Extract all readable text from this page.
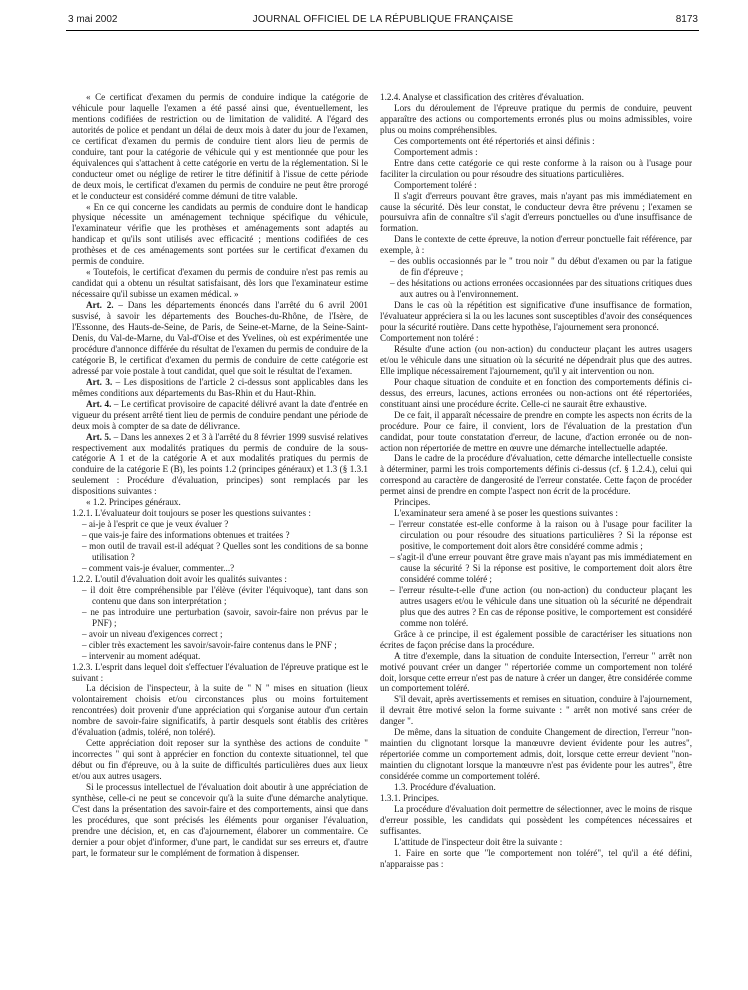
3 mai 2002	JOURNAL OFFICIEL DE LA RÉPUBLIQUE FRANÇAISE	8173

« Ce certificat d'examen du permis de conduire indique la catégorie de véhicule pour laquelle l'examen a été passé ainsi que, éventuellement, les mentions codifiées de restriction ou de limitation de validité. A l'égard des autorités de police et pendant un délai de deux mois à dater du jour de l'examen, ce certificat d'examen du permis de conduire tient alors lieu de permis de conduire, tant pour la catégorie de véhicule qui y est mentionnée que pour les équivalences qui s'attachent à cette catégorie en vertu de la réglementation. Si le conducteur omet ou néglige de retirer le titre définitif à l'issue de cette période de deux mois, le certificat d'examen du permis de conduire ne peut être prorogé et le conducteur est considéré comme démuni de titre valable.

« En ce qui concerne les candidats au permis de conduire dont le handicap physique nécessite un aménagement technique spécifique du véhicule, l'examinateur vérifie que les prothèses et aménagements sont adaptés au handicap et qu'ils sont utilisés avec efficacité ; mentions codifiées de ces prothèses et de ces aménagements sont portées sur le certificat d'examen du permis de conduire.

« Toutefois, le certificat d'examen du permis de conduire n'est pas remis au candidat qui a obtenu un résultat satisfaisant, dès lors que l'examinateur estime nécessaire qu'il subisse un examen médical. »

Art. 2. – Dans les départements énoncés dans l'arrêté du 6 avril 2001 susvisé, à savoir les départements des Bouches-du-Rhône, de l'Isère, de l'Essonne, des Hauts-de-Seine, de Paris, de Seine-et-Marne, de la Seine-Saint-Denis, du Val-de-Marne, du Val-d'Oise et des Yvelines, où est expérimentée une procédure d'annonce différée du résultat de l'examen du permis de conduire de la catégorie B, le certificat d'examen du permis de conduire de cette catégorie est adressé par voie postale à tout candidat, quel que soit le résultat de l'examen.

Art. 3. – Les dispositions de l'article 2 ci-dessus sont applicables dans les mêmes conditions aux départements du Bas-Rhin et du Haut-Rhin.

Art. 4. – Le certificat provisoire de capacité délivré avant la date d'entrée en vigueur du présent arrêté tient lieu de permis de conduire pendant une période de deux mois à compter de sa date de délivrance.

Art. 5. – Dans les annexes 2 et 3 à l'arrêté du 8 février 1999 susvisé relatives respectivement aux modalités pratiques du permis de conduire de la sous-catégorie A 1 et de la catégorie A et aux modalités pratiques du permis de conduire de la catégorie E (B), les points 1.2 (principes généraux) et 1.3 (§ 1.3.1 seulement : Procédure d'évaluation, principes) sont remplacés par les dispositions suivantes :

« 1.2. Principes généraux.

1.2.1. L'évaluateur doit toujours se poser les questions suivantes :

– ai-je à l'esprit ce que je veux évaluer ?

– que vais-je faire des informations obtenues et traitées ?

– mon outil de travail est-il adéquat ? Quelles sont les conditions de sa bonne utilisation ?

– comment vais-je évaluer, commenter...?

1.2.2. L'outil d'évaluation doit avoir les qualités suivantes :

– il doit être compréhensible par l'élève (éviter l'équivoque), tant dans son contenu que dans son interprétation ;

– ne pas introduire une perturbation (savoir, savoir-faire non prévus par le PNF) ;

– avoir un niveau d'exigences correct ;

– cibler très exactement les savoir/savoir-faire contenus dans le PNF ;

– intervenir au moment adéquat.

1.2.3. L'esprit dans lequel doit s'effectuer l'évaluation de l'épreuve pratique est le suivant :

La décision de l'inspecteur, à la suite de " N " mises en situation (lieux volontairement choisis et/ou circonstances plus ou moins fortuitement rencontrées) doit provenir d'une appréciation qui s'organise autour d'un certain nombre de savoir-faire significatifs, à partir desquels sont établis des critères d'évaluation (admis, toléré, non toléré).

Cette appréciation doit reposer sur la synthèse des actions de conduite " incorrectes " qui sont à apprécier en fonction du contexte situationnel, tel que début ou fin d'épreuve, ou à la suite de difficultés particulières dues aux lieux et/ou aux autres usagers.

Si le processus intellectuel de l'évaluation doit aboutir à une appréciation de synthèse, celle-ci ne peut se concevoir qu'à la suite d'une démarche analytique. C'est dans la présentation des savoir-faire et des comportements, ainsi que dans les procédures, que sont précisés les éléments pour organiser l'évaluation, prendre une décision, et, en cas d'ajournement, élaborer un commentaire. Ce dernier a pour objet d'informer, d'une part, le candidat sur ses erreurs et, d'autre part, le formateur sur le complément de formation à dispenser.

1.2.4. Analyse et classification des critères d'évaluation.

Lors du déroulement de l'épreuve pratique du permis de conduire, peuvent apparaître des actions ou comportements erronés plus ou moins admissibles, voire plus ou moins compréhensibles.

Ces comportements ont été répertoriés et ainsi définis :

Comportement admis :

Entre dans cette catégorie ce qui reste conforme à la raison ou à l'usage pour faciliter la circulation ou pour résoudre des situations particulières.

Comportement toléré :

Il s'agit d'erreurs pouvant être graves, mais n'ayant pas mis immédiatement en cause la sécurité. Dès leur constat, le conducteur devra être prévenu ; l'examen se poursuivra afin de connaître s'il s'agit d'erreurs ponctuelles ou d'une insuffisance de formation.

Dans le contexte de cette épreuve, la notion d'erreur ponctuelle fait référence, par exemple, à :

– des oublis occasionnés par le " trou noir " du début d'examen ou par la fatigue de fin d'épreuve ;

– des hésitations ou actions erronées occasionnées par des situations critiques dues aux autres ou à l'environnement.

Dans le cas où la répétition est significative d'une insuffisance de formation, l'évaluateur appréciera si la ou les lacunes sont susceptibles d'avoir des conséquences pour la sécurité routière. Dans cette hypothèse, l'ajournement sera prononcé.

Comportement non toléré :

Résulte d'une action (ou non-action) du conducteur plaçant les autres usagers et/ou le véhicule dans une situation où la sécurité ne dépendrait plus que des autres. Elle implique nécessairement l'ajournement, qu'il y ait intervention ou non.

Pour chaque situation de conduite et en fonction des comportements définis ci-dessus, des erreurs, lacunes, actions erronées ou non-actions ont été répertoriées, constituant ainsi une procédure écrite. Celle-ci ne saurait être exhaustive.

De ce fait, il apparaît nécessaire de prendre en compte les aspects non écrits de la procédure. Pour ce faire, il convient, lors de l'évaluation de la prestation d'un candidat, pour toute constatation d'erreur, de lacune, d'action erronée ou de non-action non répertoriée de mettre en œuvre une démarche intellectuelle adaptée.

Dans le cadre de la procédure d'évaluation, cette démarche intellectuelle consiste à déterminer, parmi les trois comportements définis ci-dessus (cf. § 1.2.4.), celui qui correspond au caractère de dangerosité de l'erreur constatée. Cette façon de procéder permet ainsi de prendre en compte l'aspect non écrit de la procédure.

Principes.

L'examinateur sera amené à se poser les questions suivantes :

– l'erreur constatée est-elle conforme à la raison ou à l'usage pour faciliter la circulation ou pour résoudre des situations particulières ? Si la réponse est positive, le comportement doit alors être considéré comme admis ;

– s'agit-il d'une erreur pouvant être grave mais n'ayant pas mis immédiatement en cause la sécurité ? Si la réponse est positive, le comportement doit alors être considéré comme toléré ;

– l'erreur résulte-t-elle d'une action (ou non-action) du conducteur plaçant les autres usagers et/ou le véhicule dans une situation où la sécurité ne dépendrait plus que des autres ? En cas de réponse positive, le comportement est considéré comme non toléré.

Grâce à ce principe, il est également possible de caractériser les situations non écrites de façon précise dans la procédure.

A titre d'exemple, dans la situation de conduite Intersection, l'erreur " arrêt non motivé pouvant créer un danger " répertoriée comme un comportement non toléré doit, lorsque cette erreur n'est pas de nature à créer un danger, être considérée comme un comportement toléré.

S'il devait, après avertissements et remises en situation, conduire à l'ajournement, il devrait être motivé selon la forme suivante : " arrêt non motivé sans créer de danger ".

De même, dans la situation de conduite Changement de direction, l'erreur "non-maintien du clignotant lorsque la manœuvre devient évidente pour les autres", répertoriée comme un comportement admis, doit, lorsque cette erreur devient "non-maintien du clignotant lorsque la manœuvre n'est pas évidente pour les autres", être considérée comme un comportement toléré.

1.3. Procédure d'évaluation.

1.3.1. Principes.

La procédure d'évaluation doit permettre de sélectionner, avec le moins de risque d'erreur possible, les candidats qui possèdent les compétences nécessaires et suffisantes.

L'attitude de l'inspecteur doit être la suivante :

1. Faire en sorte que "le comportement non toléré", tel qu'il a été défini, n'apparaisse pas :
